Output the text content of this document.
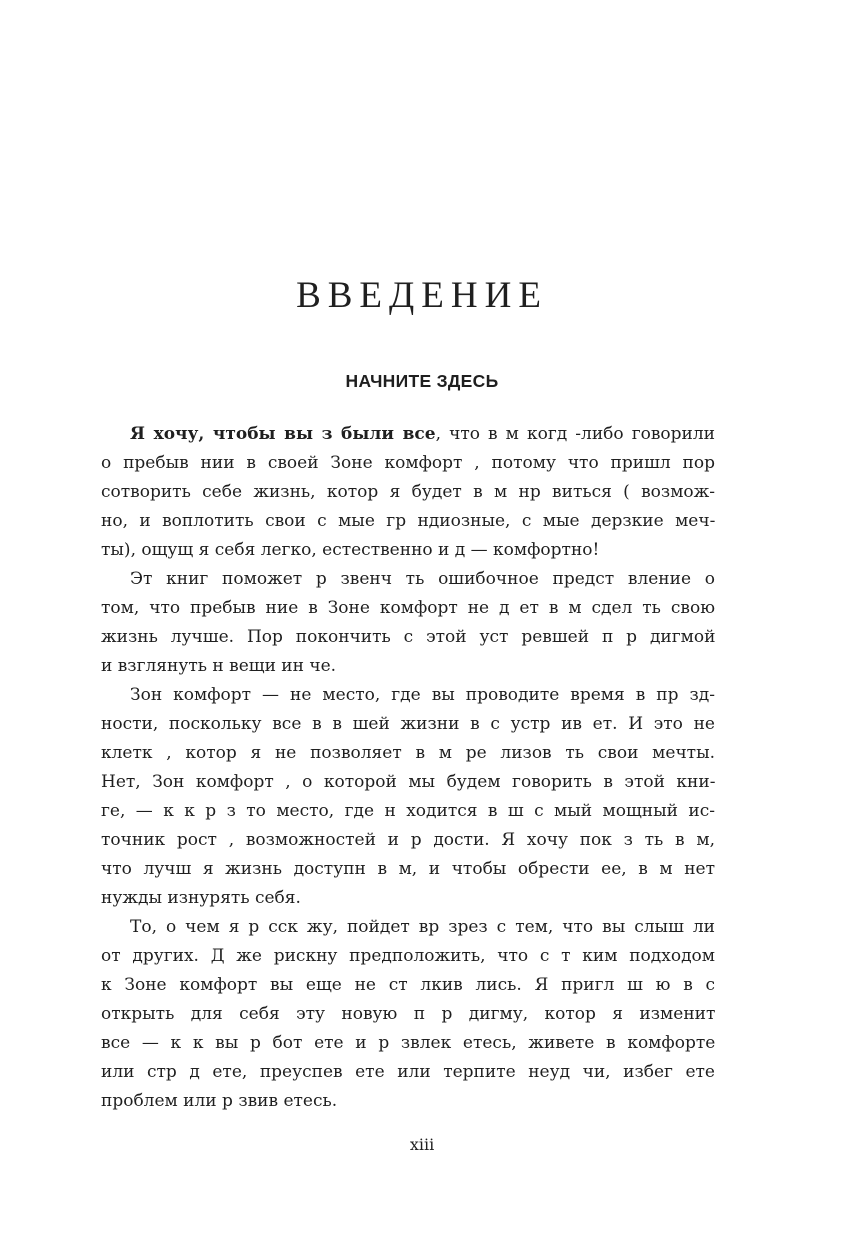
ВВЕДЕНИЕ
НАЧНИТЕ ЗДЕСЬ
Я хочу, чтобы вы з были все, что в м когд -либо говорили
о пребыв нии в своей Зоне комфорт , потому что пришл пор
сотворить себе жизнь, котор я будет в м нр виться ( возмож-
но, и воплотить свои с мые гр ндиозные, с мые дерзкие меч-
ты), ощущ я себя легко, естественно и д — комфортно!
Эт книг поможет р звенч ть ошибочное предст вление о
том, что пребыв ние в Зоне комфорт не д ет в м сдел ть свою
жизнь лучше. Пор покончить с этой уст ревшей п р дигмой
и взглянуть н вещи ин че.
Зон комфорт — не место, где вы проводите время в пр зд-
ности, поскольку все в в шей жизни в с устр ив ет. И это не
клетк , котор я не позволяет в м ре лизов ть свои мечты.
Нет, Зон комфорт , о которой мы будем говорить в этой кни-
ге, — к к р з то место, где н ходится в ш с мый мощный ис-
точник рост , возможностей и р дости. Я хочу пок з ть в м,
что лучш я жизнь доступн в м, и чтобы обрести ее, в м нет
нужды изнурять себя.
То, о чем я р сск жу, пойдет вр зрез с тем, что вы слыш ли
от других. Д же рискну предположить, что с т ким подходом
к Зоне комфорт вы еще не ст лкив лись. Я пригл ш ю в с
открыть для себя эту новую п р дигму, котор я изменит
все — к к вы р бот ете и р звлек етесь, живете в комфорте
или стр д ете, преуспев ете или терпите неуд чи, избег ете
проблем или р звив етесь.

xiii
